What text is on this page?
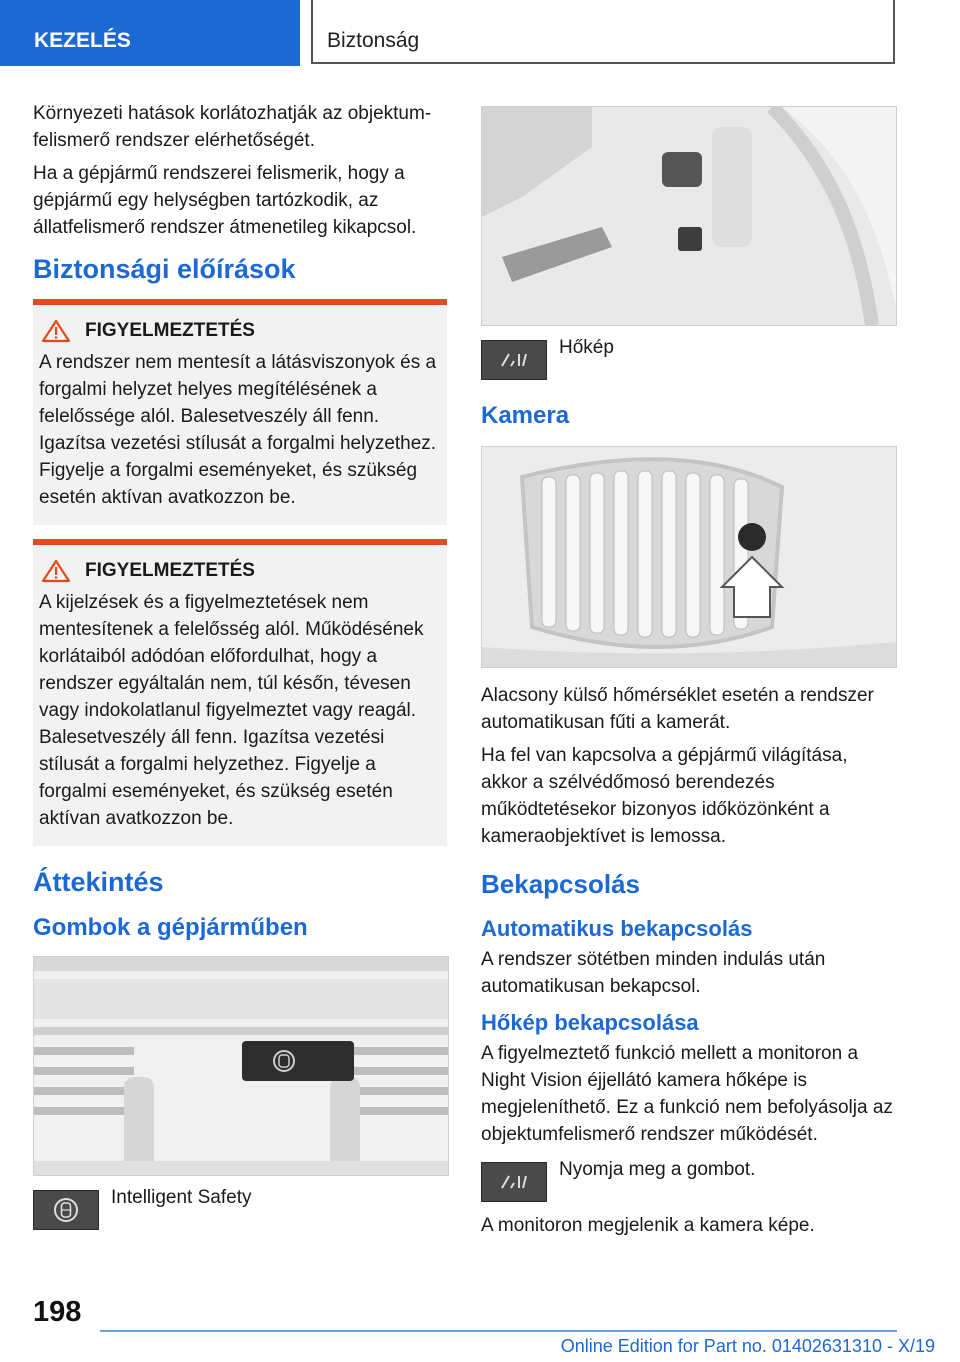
KEZELÉS	Biztonság

Környezeti hatások korlátozhatják az objektum-felismerő rendszer elérhetőségét.

Ha a gépjármű rendszerei felismerik, hogy a gépjármű egy helységben tartózkodik, az állatfelismerő rendszer átmenetileg kikapcsol.

Biztonsági előírások
FIGYELMEZTETÉS

A rendszer nem mentesít a látásviszonyok és a forgalmi helyzet helyes megítélésének a felelőssége alól. Balesetveszély áll fenn. Igazítsa vezetési stílusát a forgalmi helyzethez. Figyelje a forgalmi eseményeket, és szükség esetén aktívan avatkozzon be.

FIGYELMEZTETÉS

A kijelzések és a figyelmeztetések nem mentesítenek a felelősség alól. Működésének korlátaiból adódóan előfordulhat, hogy a rendszer egyáltalán nem, túl későn, tévesen vagy indokolatlanul figyelmeztet vagy reagál. Balesetveszély áll fenn. Igazítsa vezetési stílusát a forgalmi helyzethez. Figyelje a forgalmi eseményeket, és szükség esetén aktívan avatkozzon be.

Áttekintés
Gombok a gépjárműben
Intelligent Safety
Hőkép
Kamera

Alacsony külső hőmérséklet esetén a rendszer automatikusan fűti a kamerát.

Ha fel van kapcsolva a gépjármű világítása, akkor a szélvédőmosó berendezés működtetésekor bizonyos időközönként a kameraobjektívet is lemossa.

Bekapcsolás
Automatikus bekapcsolás

A rendszer sötétben minden indulás után automatikusan bekapcsol.

Hőkép bekapcsolása

A figyelmeztető funkció mellett a monitoron a Night Vision éjjellátó kamera hőképe is megjeleníthető. Ez a funkció nem befolyásolja az objektumfelismerő rendszer működését.

Nyomja meg a gombot.

A monitoron megjelenik a kamera képe.

198
Online Edition for Part no. 01402631310 - X/19
